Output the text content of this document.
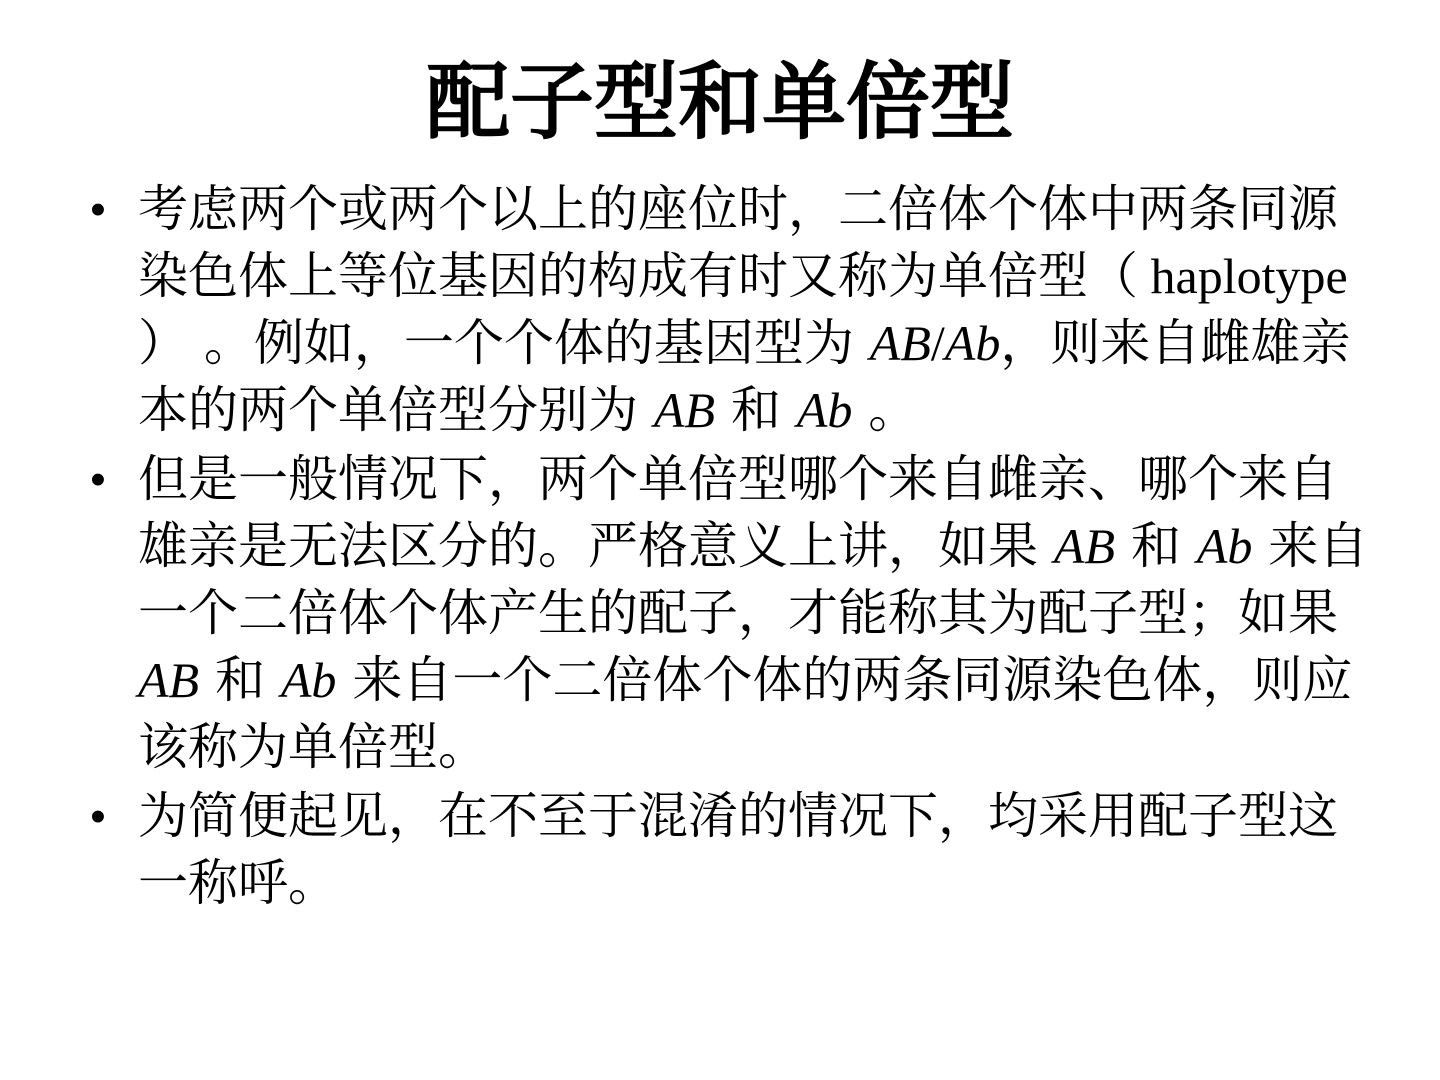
配子型和单倍型
• 考虑两个或两个以上的座位时，二倍体个体中两条同源染色体上等位基因的构成有时又称为单倍型（ haplotype ） 。例如，一个个体的基因型为 AB/Ab，则来自雌雄亲本的两个单倍型分别为 AB 和 Ab 。
• 但是一般情况下，两个单倍型哪个来自雌亲、哪个来自雄亲是无法区分的。严格意义上讲，如果 AB 和 Ab 来自一个二倍体个体产生的配子，才能称其为配子型；如果 AB 和 Ab 来自一个二倍体个体的两条同源染色体，则应该称为单倍型。
• 为简便起见，在不至于混淆的情况下，均采用配子型这一称呼。
